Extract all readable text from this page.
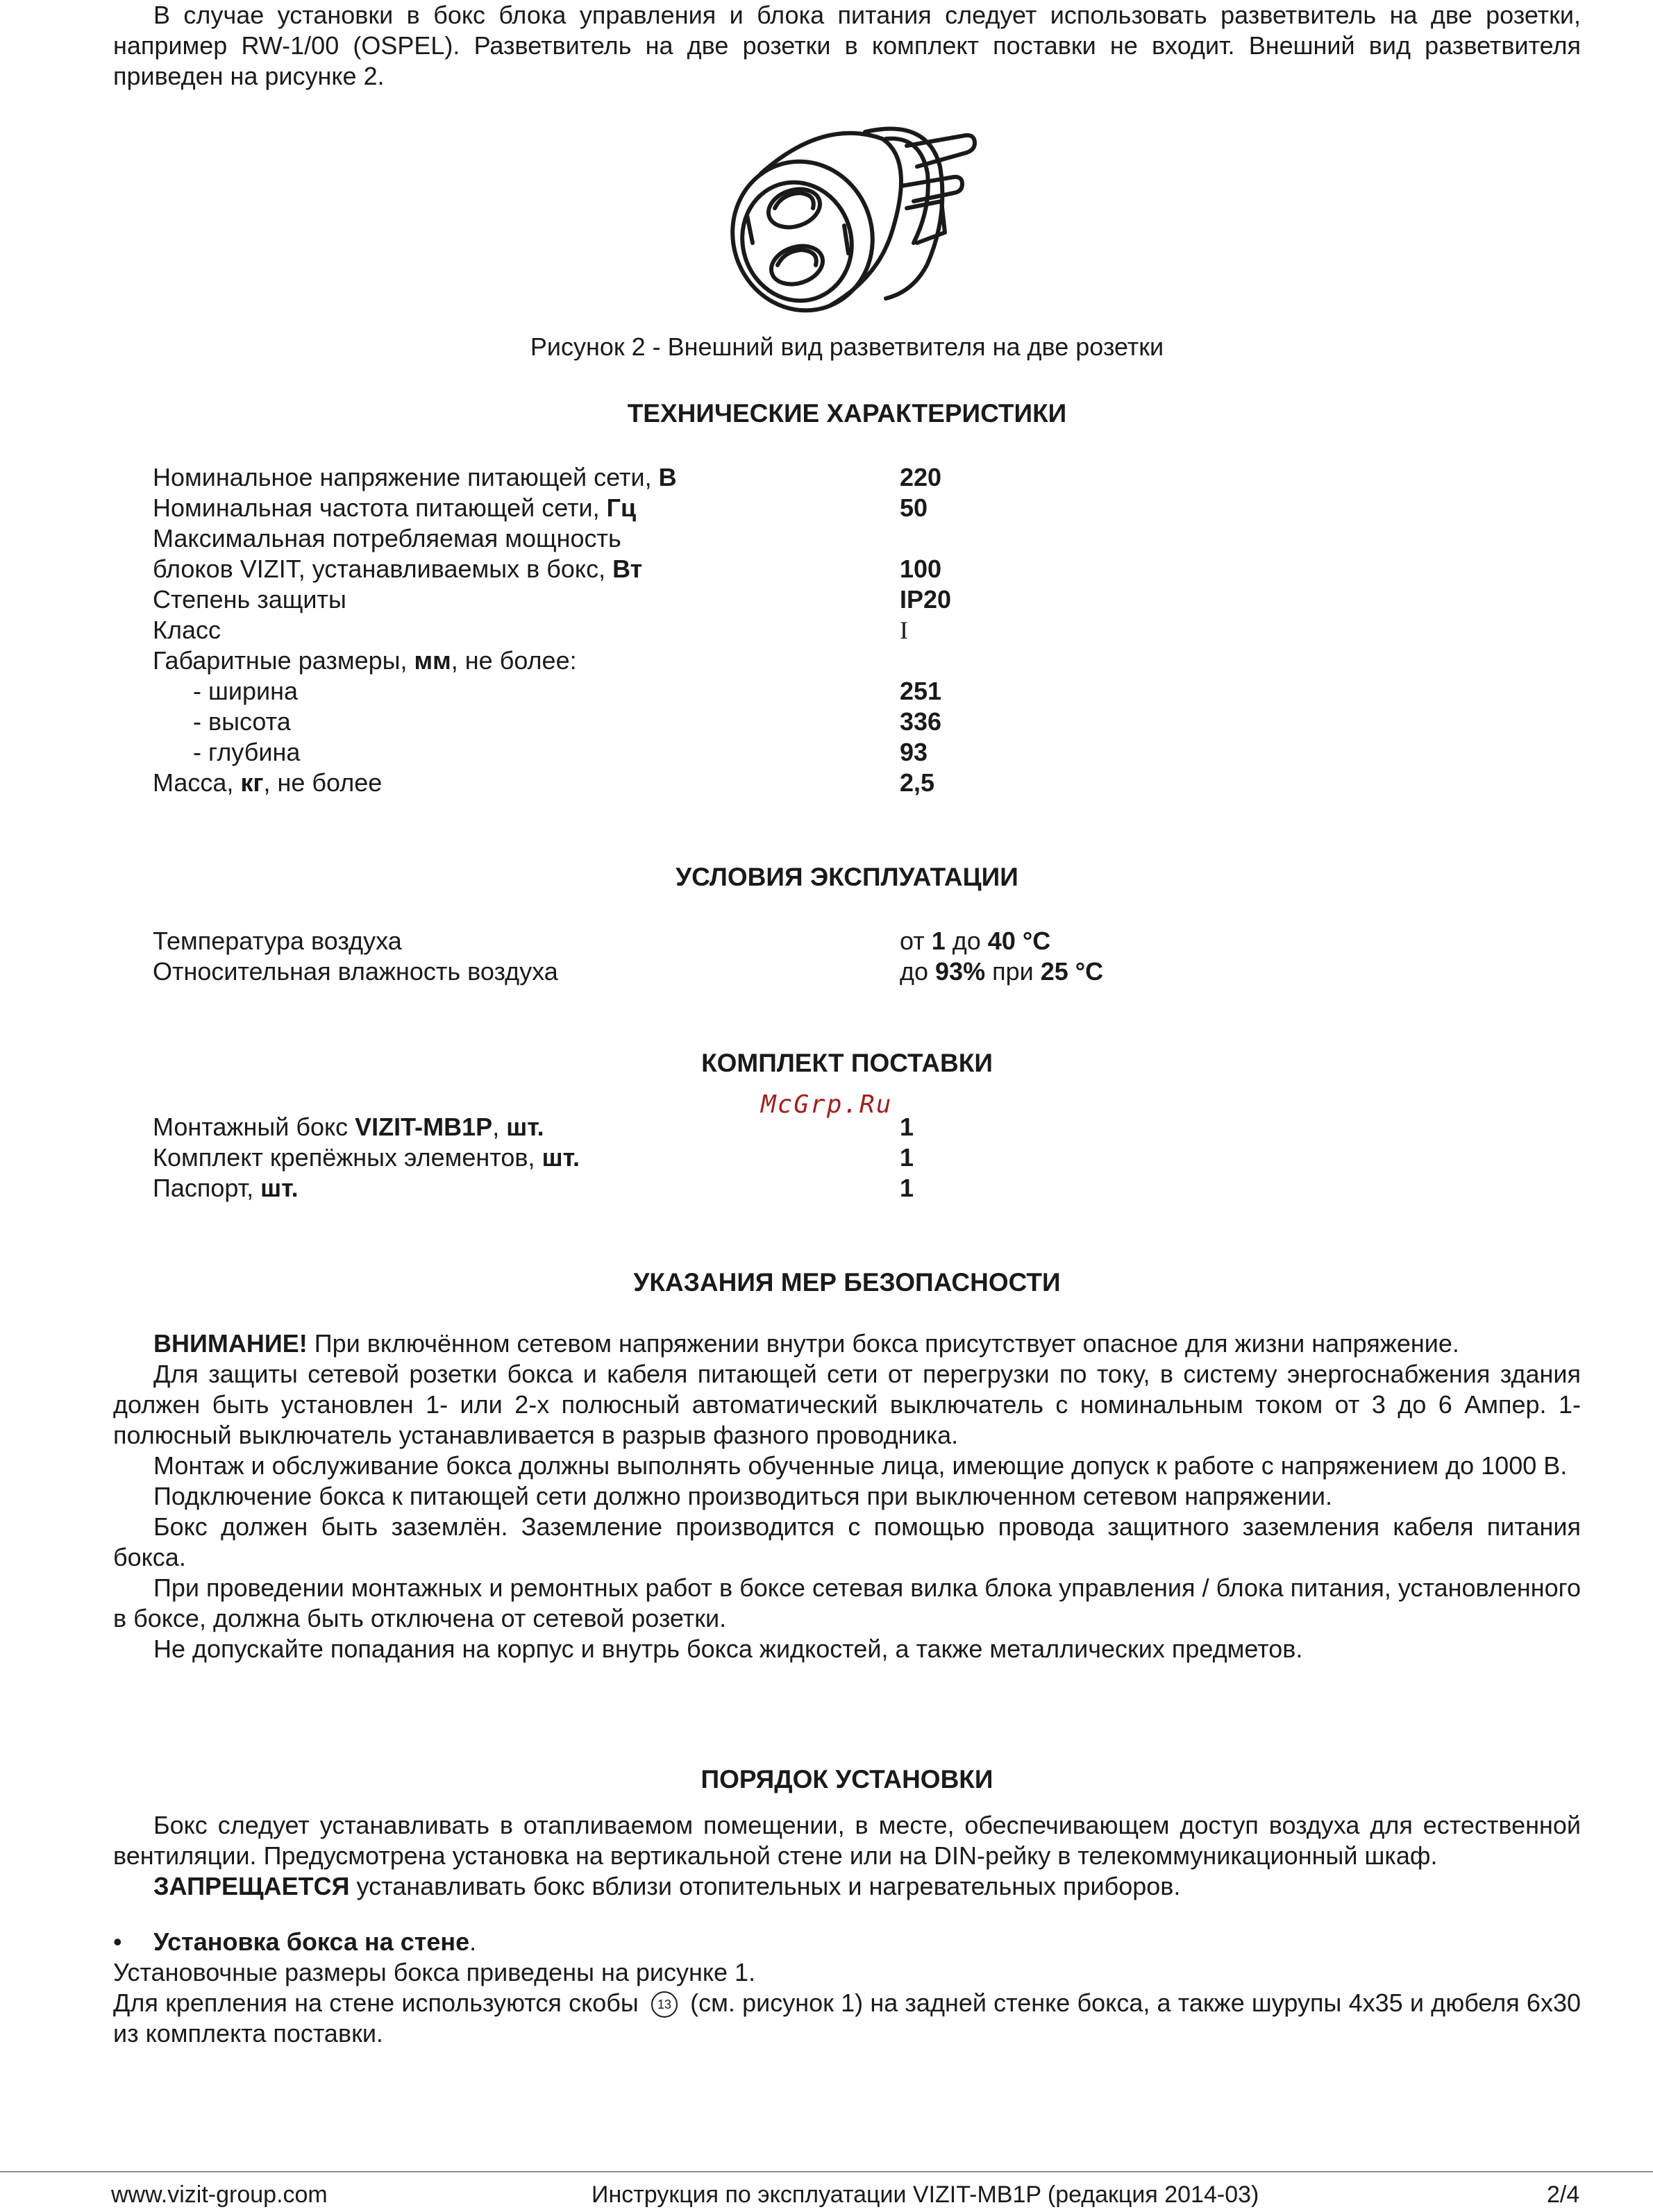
В случае установки в бокс блока управления и блока питания следует использовать разветвитель на две розетки, например RW-1/00 (OSPEL). Разветвитель на две розетки в комплект поставки не входит. Внешний вид разветвителя приведен на рисунке 2.

Рисунок 2 - Внешний вид разветвителя на две розетки
ТЕХНИЧЕСКИЕ ХАРАКТЕРИСТИКИ
Номинальное напряжение питающей сети, В	220
Номинальная частота питающей сети, Гц	50
Максимальная потребляемая мощность
блоков VIZIT, устанавливаемых в бокс, Вт	100
Степень защиты	IP20
Класс	I
Габаритные размеры, мм, не более:
- ширина	251
- высота	336
- глубина	93
Масса, кг, не более	2,5
УСЛОВИЯ ЭКСПЛУАТАЦИИ
Температура воздуха	от 1 до 40 °С
Относительная влажность воздуха	до 93% при 25 °С
КОМПЛЕКТ ПОСТАВКИ
McGrp.Ru
Монтажный бокс VIZIT-MB1P, шт.	1
Комплект крепёжных элементов, шт.	1
Паспорт, шт.	1
УКАЗАНИЯ МЕР БЕЗОПАСНОСТИ

ВНИМАНИЕ! При включённом сетевом напряжении внутри бокса присутствует опасное для жизни напряжение.

Для защиты сетевой розетки бокса и кабеля питающей сети от перегрузки по току, в систему энергоснабжения здания должен быть установлен 1- или 2-х полюсный автоматический выключатель с номинальным током от 3 до 6 Ампер. 1- полюсный выключатель устанавливается в разрыв фазного проводника.

Монтаж и обслуживание бокса должны выполнять обученные лица, имеющие допуск к работе с напряжением до 1000 В.

Подключение бокса к питающей сети должно производиться при выключенном сетевом напряжении.

Бокс должен быть заземлён. Заземление производится с помощью провода защитного заземления кабеля питания бокса.

При проведении монтажных и ремонтных работ в боксе сетевая вилка блока управления / блока питания, установленного в боксе, должна быть отключена от сетевой розетки.

Не допускайте попадания на корпус и внутрь бокса жидкостей, а также металлических предметов.

ПОРЯДОК УСТАНОВКИ

Бокс следует устанавливать в отапливаемом помещении, в месте, обеспечивающем доступ воздуха для естественной вентиляции. Предусмотрена установка на вертикальной стене или на DIN-рейку в телекоммуникационный шкаф.

ЗАПРЕЩАЕТСЯ устанавливать бокс вблизи отопительных и нагревательных приборов.

• Установка бокса на стене.

Установочные размеры бокса приведены на рисунке 1.

Для крепления на стене используются скобы 13 (см. рисунок 1) на задней стенке бокса, а также шурупы 4х35 и дюбеля 6х30 из комплекта поставки.

www.vizit-group.com	Инструкция по эксплуатации VIZIT-MB1P (редакция 2014-03)	2/4
